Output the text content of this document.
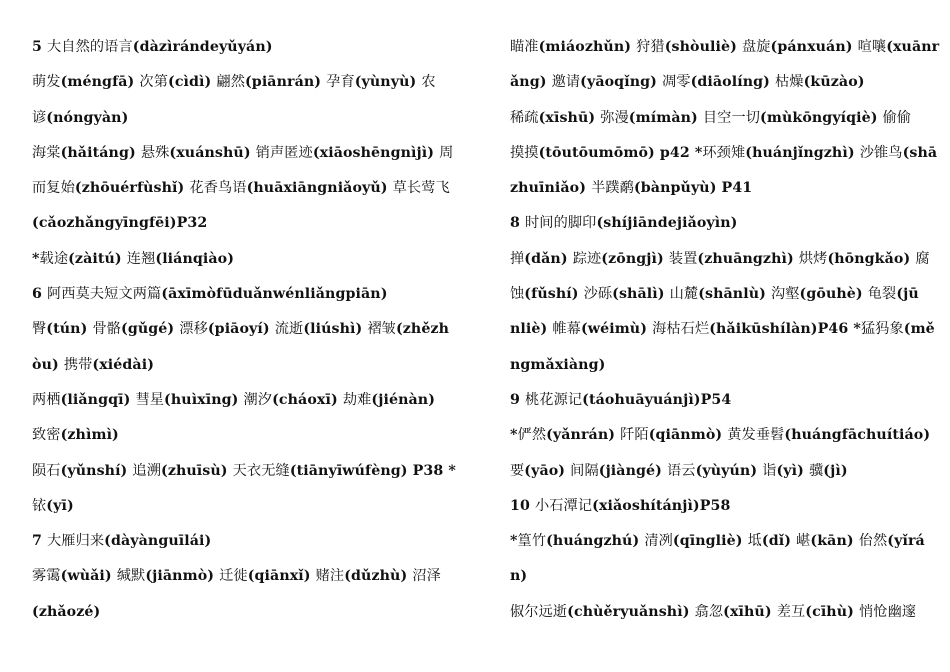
5 大自然的语言(dàzìrándeyǔyán)
萌发(méngfā) 次第(cìdì) 翩然(piānrán) 孕育(yùnyù) 农
谚(nóngyàn)
海棠(hǎitáng) 悬殊(xuánshū) 销声匿迹(xiāoshēngnìjì) 周
而复始(zhōuérfùshǐ) 花香鸟语(huāxiāngniǎoyǔ) 草长莺飞
(cǎozhǎngyīngfēi)P32
*载途(zàitú) 连翘(liánqiào)
6 阿西莫夫短文两篇(āxīmòfūduǎnwénliǎngpiān)
臀(tún) 骨骼(gǔgé) 漂移(piāoyí) 流逝(liúshì) 褶皱(zhězh
òu) 携带(xiédài)
两栖(liǎngqī) 彗星(huìxīng) 潮汐(cháoxī) 劫难(jiénàn)
致密(zhìmì)
陨石(yǔnshí) 追溯(zhuīsù) 天衣无缝(tiānyīwúfèng) P38 *
铱(yī)
7 大雁归来(dàyànguīlái)
雾霭(wùǎi) 缄默(jiānmò) 迁徙(qiānxǐ) 赌注(dǔzhù) 沼泽
(zhǎozé)
瞄准(miáozhǔn) 狩猎(shòuliè) 盘旋(pánxuán) 喧嚷(xuānr
ǎng) 邀请(yāoqǐng) 凋零(diāolíng) 枯燥(kūzào)
稀疏(xīshū) 弥漫(mímàn) 目空一切(mùkōngyíqiè) 偷偷
摸摸(tōutōumōmō) p42 *环颈雉(huánjǐngzhì) 沙锥鸟(shā
zhuīniǎo) 半蹼鹬(bànpǔyù) P41
8 时间的脚印(shíjiāndejiǎoyìn)
掸(dǎn) 踪迹(zōngjì) 装置(zhuāngzhì) 烘烤(hōngkǎo) 腐
蚀(fǔshí) 沙砾(shālì) 山麓(shānlù) 沟壑(gōuhè) 龟裂(jū
nliè) 帷幕(wéimù) 海枯石烂(hǎikūshílàn)P46 *猛犸象(mě
ngmǎxiàng)
9 桃花源记(táohuāyuánjì)P54
*俨然(yǎnrán) 阡陌(qiānmò) 黄发垂髫(huángfāchuítiáo)
要(yāo) 间隔(jiàngé) 语云(yùyún) 诣(yì) 骥(jì)
10 小石潭记(xiǎoshítánjì)P58
*篁竹(huángzhú) 清冽(qīngliè) 坻(dǐ) 嵁(kān) 佁然(yǐrá
n)
俶尔远逝(chùěryuǎnshì) 翕忽(xīhū) 差互(cīhù) 悄怆幽邃
